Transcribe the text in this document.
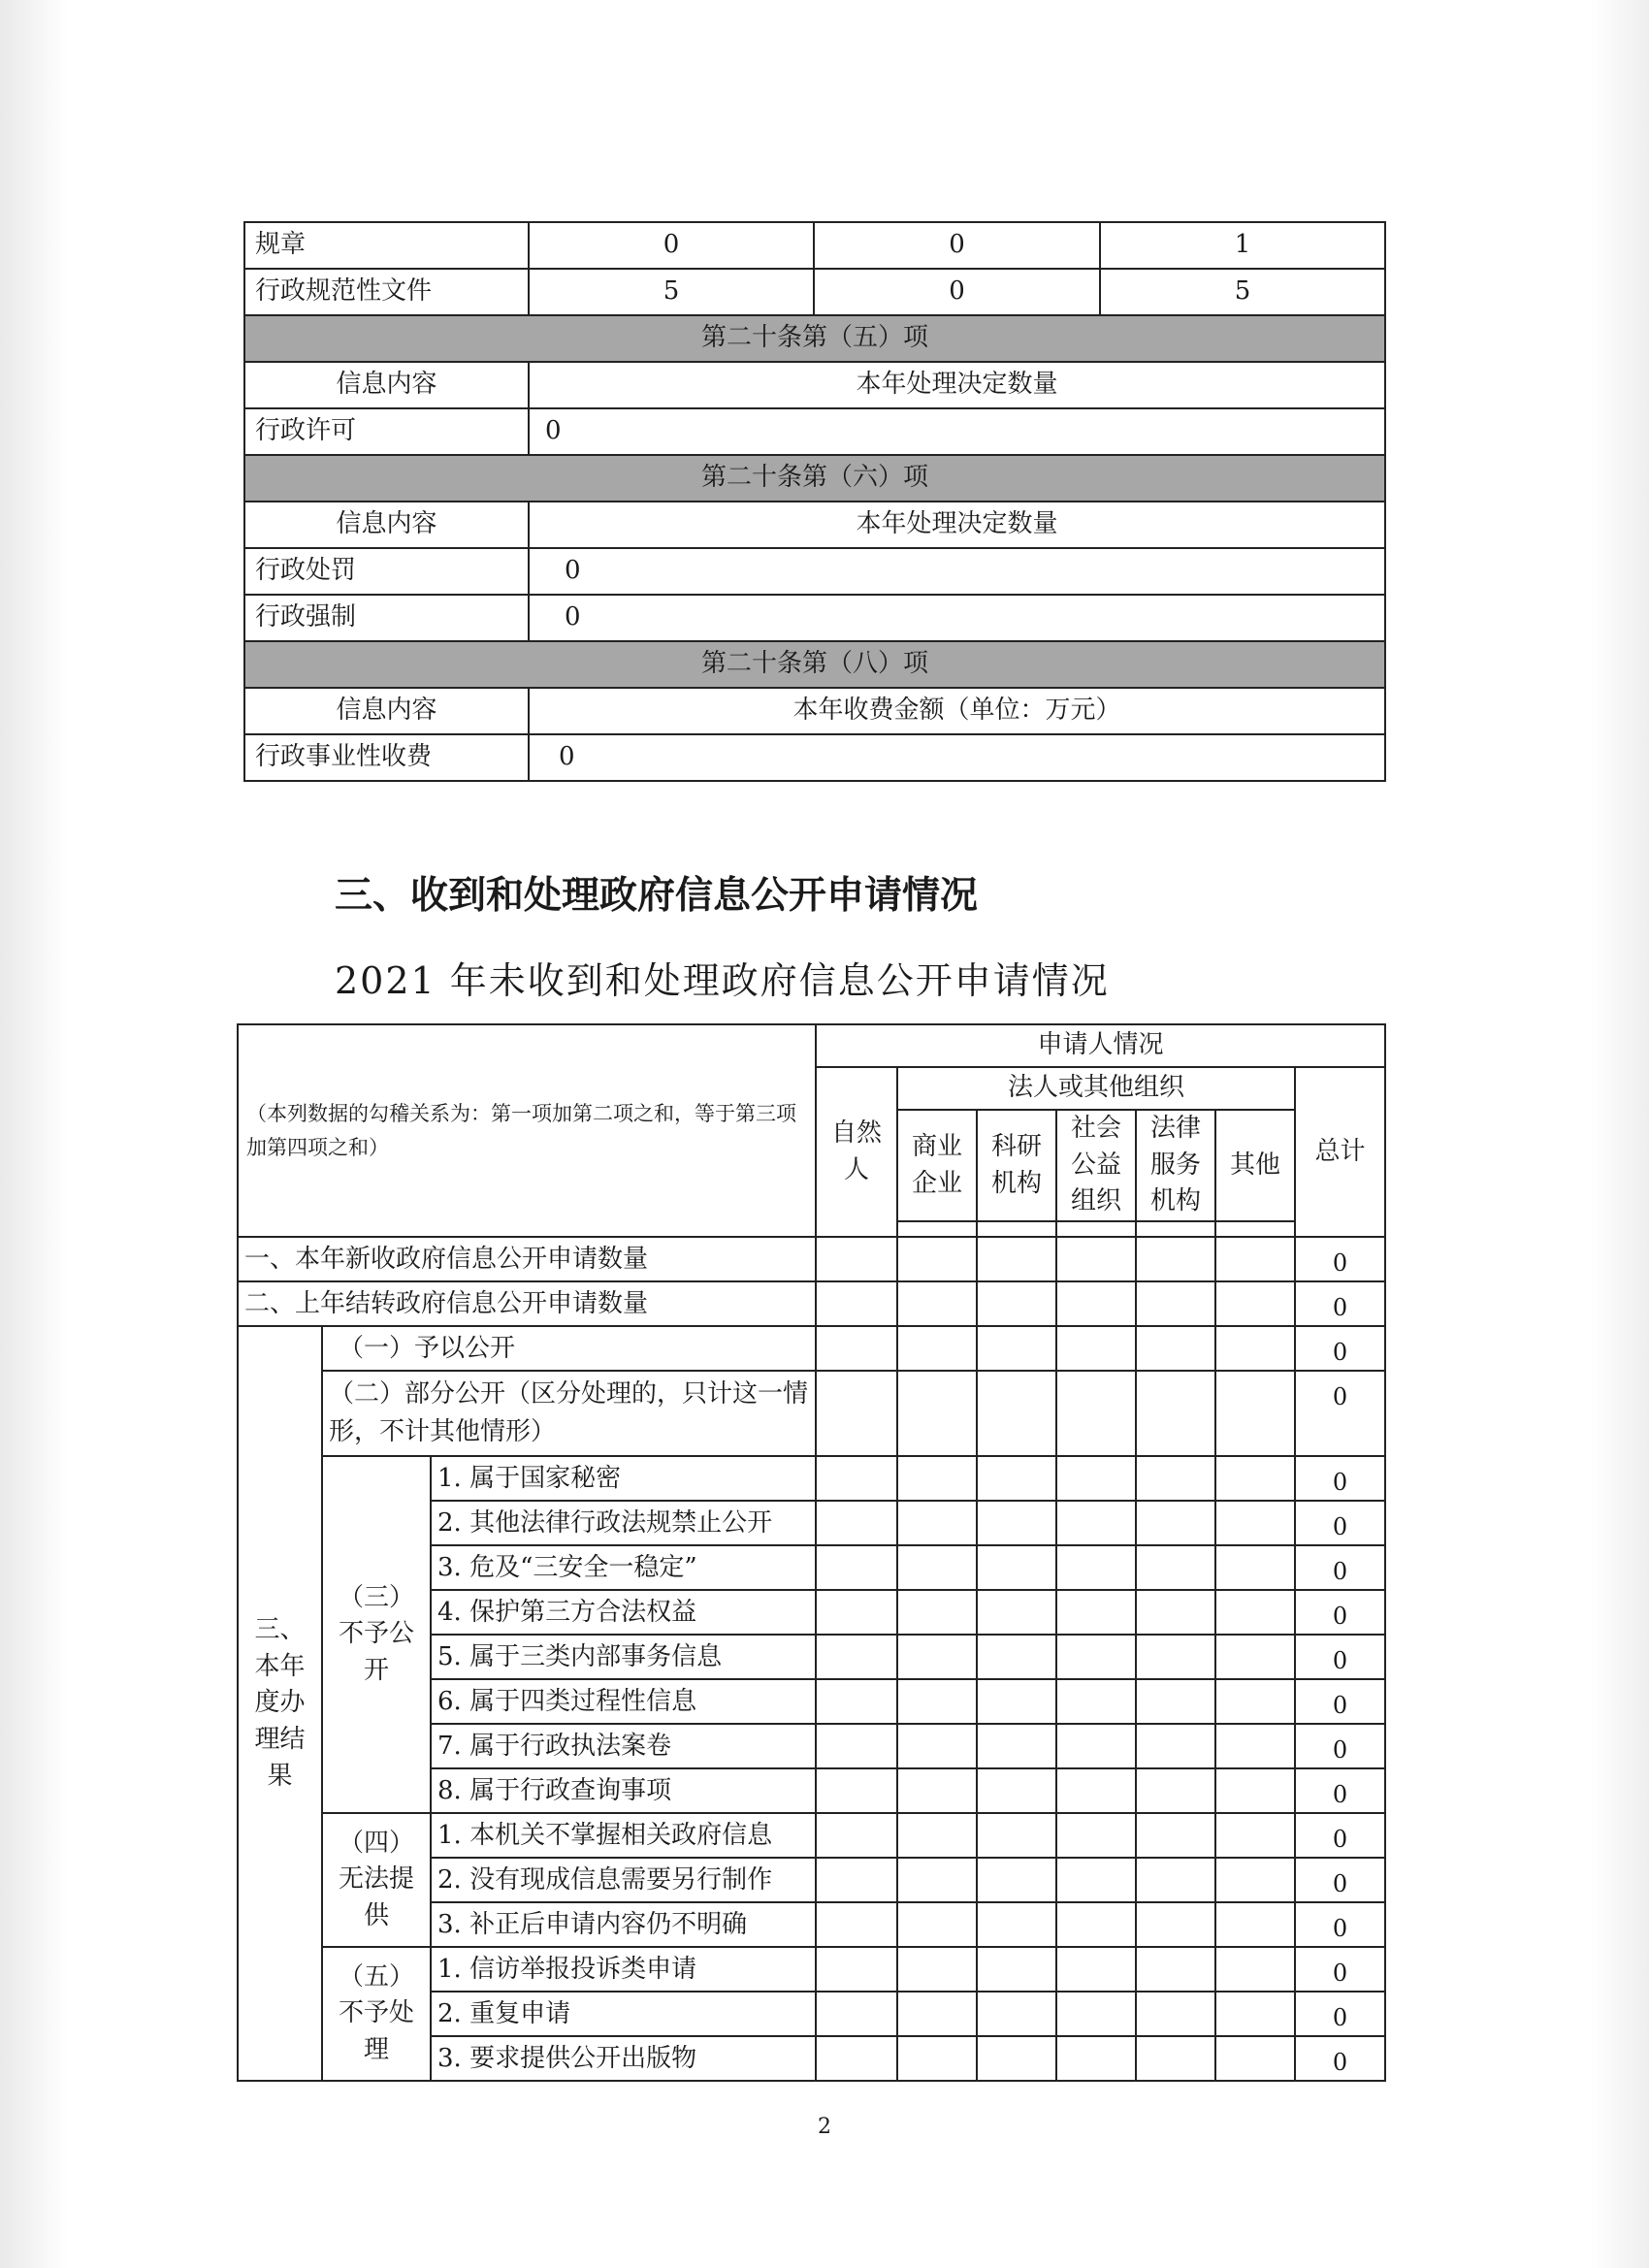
规章	0	0	1
行政规范性文件	5	0	5
第二十条第（五）项			
信息内容	本年处理决定数量		
行政许可	0		
第二十条第（六）项			
信息内容	本年处理决定数量		
行政处罚	0		
行政强制	0		
第二十条第（八）项			
信息内容	本年收费金额（单位：万元）		
行政事业性收费	0		
三、收到和处理政府信息公开申请情况
2021 年未收到和处理政府信息公开申请情况
（本列数据的勾稽关系为：第一项加第二项之和，等于第三项加第四项之和）			申请人情况						
			自然人	法人或其他组织					总计
				商业企业	科研机构	社会公益组织	法律服务机构	其他	

一、本年新收政府信息公开申请数量									0
二、上年结转政府信息公开申请数量									0
三、本年度办理结果	（一）予以公开								0
	（二）部分公开（区分处理的，只计这一情形，不计其他情形）								0
	（三）不予公开	1. 属于国家秘密							0
		2. 其他法律行政法规禁止公开							0
		3. 危及“三安全一稳定”							0
		4. 保护第三方合法权益							0
		5. 属于三类内部事务信息							0
		6. 属于四类过程性信息							0
		7. 属于行政执法案卷							0
		8. 属于行政查询事项							0
	（四）无法提供	1. 本机关不掌握相关政府信息							0
		2. 没有现成信息需要另行制作							0
		3. 补正后申请内容仍不明确							0
	（五）不予处理	1. 信访举报投诉类申请							0
		2. 重复申请							0
		3. 要求提供公开出版物							0
2
